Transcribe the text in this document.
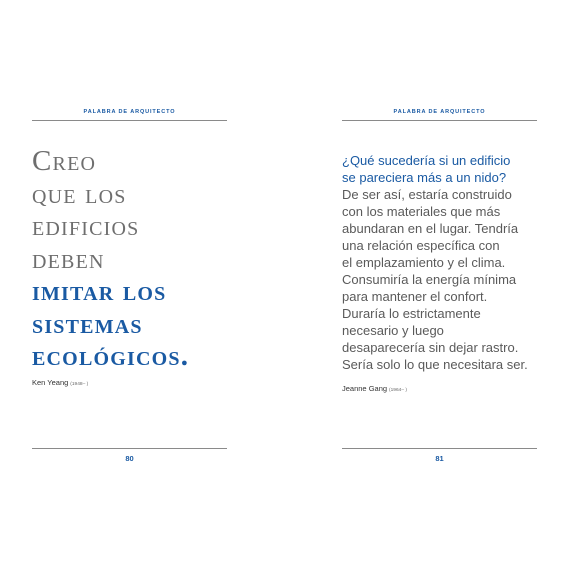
PALABRA DE ARQUITECTO
Creo
que los
edificios
deben
imitar los
sistemas
ecológicos.
Ken Yeang (1948– )
80
PALABRA DE ARQUITECTO
¿Qué sucedería si un edificio
se pareciera más a un nido?
De ser así, estaría construido
con los materiales que más
abundaran en el lugar. Tendría
una relación específica con
el emplazamiento y el clima.
Consumiría la energía mínima
para mantener el confort.
Duraría lo estrictamente
necesario y luego
desaparecería sin dejar rastro.
Sería solo lo que necesitara ser.
Jeanne Gang (1964– )
81
